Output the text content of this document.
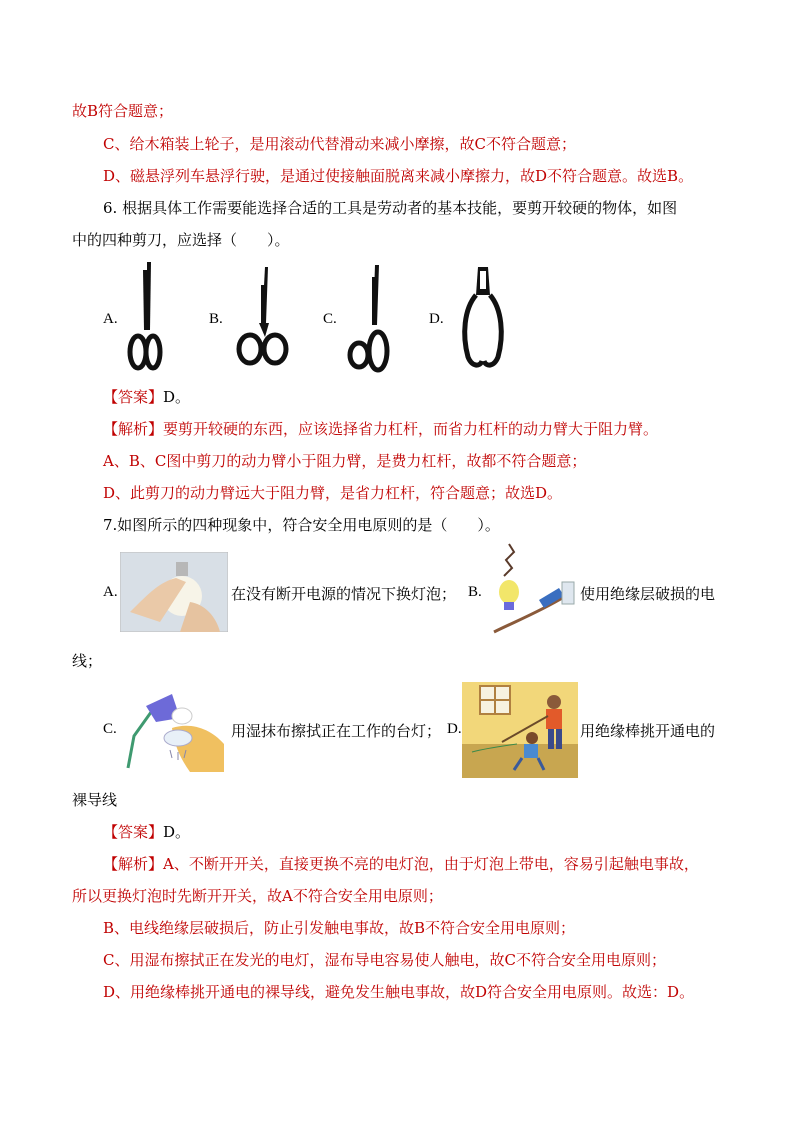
故B符合题意；
C、给木箱装上轮子，是用滚动代替滑动来减小摩擦，故C不符合题意；
D、磁悬浮列车悬浮行驶，是通过使接触面脱离来减小摩擦力，故D不符合题意。故选B。
6. 根据具体工作需要能选择合适的工具是劳动者的基本技能，要剪开较硬的物体，如图
中的四种剪刀，应选择（　　）。
A.	B.	C.	D.
【答案】D。
【解析】要剪开较硬的东西，应该选择省力杠杆，而省力杠杆的动力臂大于阻力臂。
A、B、C图中剪刀的动力臂小于阻力臂，是费力杠杆，故都不符合题意；
D、此剪刀的动力臂远大于阻力臂，是省力杠杆，符合题意；故选D。
7.如图所示的四种现象中，符合安全用电原则的是（　　）。
A.	在没有断开电源的情况下换灯泡； B.	使用绝缘层破损的电
线；
C.	用湿抹布擦拭正在工作的台灯； D.	用绝缘棒挑开通电的
裸导线
【答案】D。
【解析】A、不断开开关，直接更换不亮的电灯泡，由于灯泡上带电，容易引起触电事故，
所以更换灯泡时先断开开关，故A不符合安全用电原则；
B、电线绝缘层破损后，防止引发触电事故，故B不符合安全用电原则；
C、用湿布擦拭正在发光的电灯，湿布导电容易使人触电，故C不符合安全用电原则；
D、用绝缘棒挑开通电的裸导线，避免发生触电事故，故D符合安全用电原则。故选：D。
